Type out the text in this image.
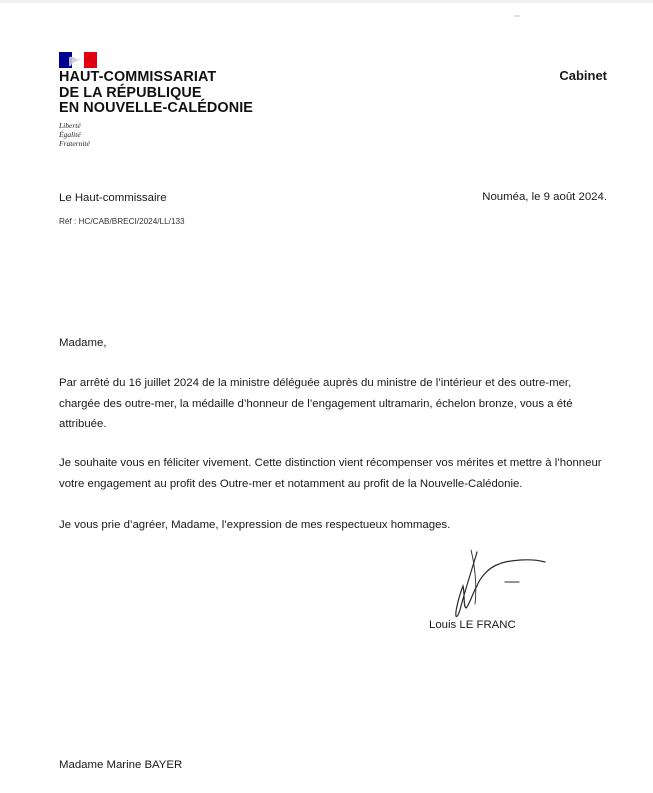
HAUT-COMMISSARIAT
DE LA RÉPUBLIQUE
EN NOUVELLE-CALÉDONIE
Liberté
Égalité
Fraternité
Cabinet
Le Haut-commissaire
Réf : HC/CAB/BRECI/2024/LL/133
Nouméa, le 9 août 2024.
Madame,
Par arrêté du 16 juillet 2024 de la ministre déléguée auprès du ministre de l’intérieur et des outre-mer, chargée des outre-mer, la médaille d’honneur de l’engagement ultramarin, échelon bronze, vous a été attribuée.
Je souhaite vous en féliciter vivement. Cette distinction vient récompenser vos mérites et mettre à l’honneur votre engagement au profit des Outre-mer et notamment au profit de la Nouvelle-Calédonie.
Je vous prie d’agréer, Madame, l’expression de mes respectueux hommages.
Louis LE FRANC
Madame Marine BAYER
